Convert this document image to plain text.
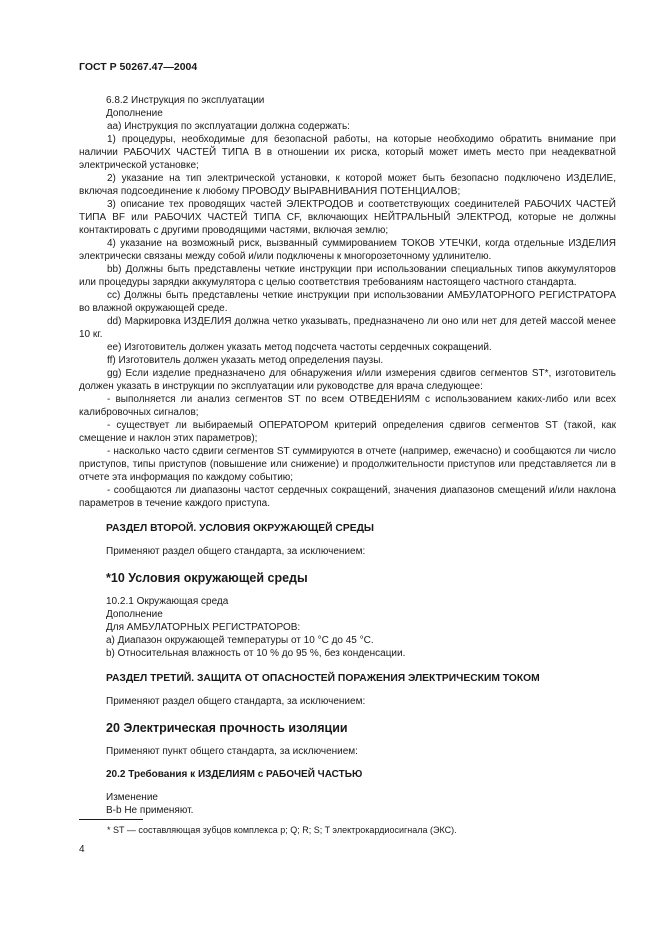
ГОСТ Р 50267.47—2004

6.8.2 Инструкция по эксплуатации

Дополнение

аа) Инструкция по эксплуатации должна содержать:

1) процедуры, необходимые для безопасной работы, на которые необходимо обратить внимание при наличии РАБОЧИХ ЧАСТЕЙ ТИПА В в отношении их риска, который может иметь место при неадекватной электрической установке;

2) указание на тип электрической установки, к которой может быть безопасно подключено ИЗДЕЛИЕ, включая подсоединение к любому ПРОВОДУ ВЫРАВНИВАНИЯ ПОТЕНЦИАЛОВ;

3) описание тех проводящих частей ЭЛЕКТРОДОВ и соответствующих соединителей РАБОЧИХ ЧАСТЕЙ ТИПА BF или РАБОЧИХ ЧАСТЕЙ ТИПА CF, включающих НЕЙТРАЛЬНЫЙ ЭЛЕКТРОД, которые не должны контактировать с другими проводящими частями, включая землю;

4) указание на возможный риск, вызванный суммированием ТОКОВ УТЕЧКИ, когда отдельные ИЗДЕЛИЯ электрически связаны между собой и/или подключены к многорозеточному удлинителю.

bb) Должны быть представлены четкие инструкции при использовании специальных типов аккумуляторов или процедуры зарядки аккумулятора с целью соответствия требованиям настоящего частного стандарта.

cc) Должны быть представлены четкие инструкции при использовании АМБУЛАТОРНОГО РЕГИСТРАТОРА во влажной окружающей среде.

dd) Маркировка ИЗДЕЛИЯ должна четко указывать, предназначено ли оно или нет для детей массой менее 10 кг.

ee) Изготовитель должен указать метод подсчета частоты сердечных сокращений.

ff) Изготовитель должен указать метод определения паузы.

gg) Если изделие предназначено для обнаружения и/или измерения сдвигов сегментов ST*, изготовитель должен указать в инструкции по эксплуатации или руководстве для врача следующее:

- выполняется ли анализ сегментов ST по всем ОТВЕДЕНИЯМ с использованием каких-либо или всех калибровочных сигналов;

- существует ли выбираемый ОПЕРАТОРОМ критерий определения сдвигов сегментов ST (такой, как смещение и наклон этих параметров);

- насколько часто сдвиги сегментов ST суммируются в отчете (например, ежечасно) и сообщаются ли число приступов, типы приступов (повышение или снижение) и продолжительности приступов или представляется ли в отчете эта информация по каждому событию;

- сообщаются ли диапазоны частот сердечных сокращений, значения диапазонов смещений и/или наклона параметров в течение каждого приступа.

РАЗДЕЛ ВТОРОЙ. УСЛОВИЯ ОКРУЖАЮЩЕЙ СРЕДЫ

Применяют раздел общего стандарта, за исключением:

*10 Условия окружающей среды

10.2.1 Окружающая среда

Дополнение

Для АМБУЛАТОРНЫХ РЕГИСТРАТОРОВ:

a) Диапазон окружающей температуры от 10 °С до 45 °С.

b) Относительная влажность от 10 % до 95 %, без конденсации.

РАЗДЕЛ ТРЕТИЙ. ЗАЩИТА ОТ ОПАСНОСТЕЙ ПОРАЖЕНИЯ ЭЛЕКТРИЧЕСКИМ ТОКОМ

Применяют раздел общего стандарта, за исключением:

20 Электрическая прочность изоляции

Применяют пункт общего стандарта, за исключением:

20.2 Требования к ИЗДЕЛИЯМ с РАБОЧЕЙ ЧАСТЬЮ

Изменение

B-b Не применяют.

* ST — составляющая зубцов комплекса р; Q; R; S; T электрокардиосигнала (ЭКС).
4
